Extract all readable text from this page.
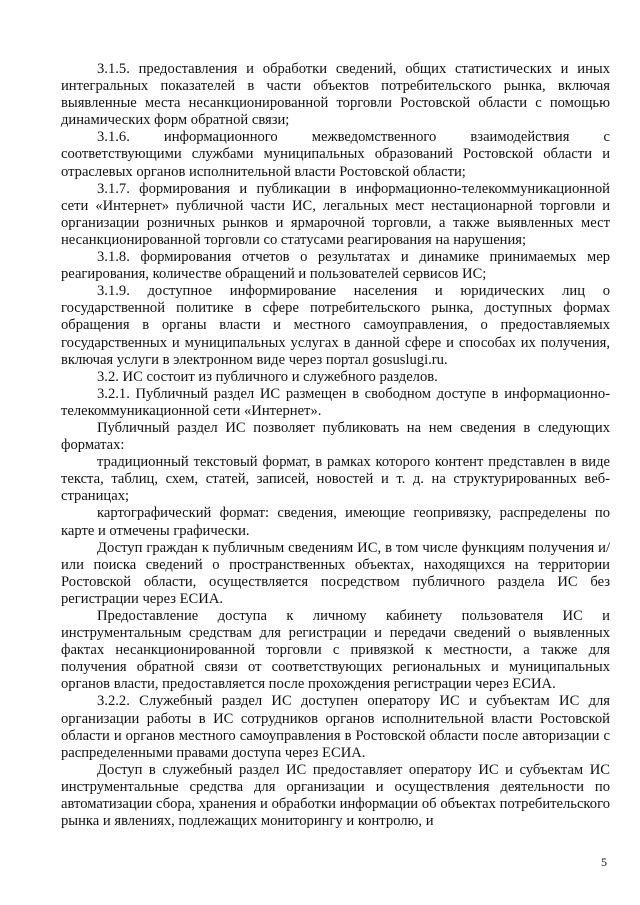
3.1.5. предоставления и обработки сведений, общих статистических и иных интегральных показателей в части объектов потребительского рынка, включая выявленные места несанкционированной торговли Ростовской области с помощью динамических форм обратной связи;

3.1.6. информационного межведомственного взаимодействия с соответствующими службами муниципальных образований Ростовской области и отраслевых органов исполнительной власти Ростовской области;

3.1.7. формирования и публикации в информационно-телекоммуникационной сети «Интернет» публичной части ИС, легальных мест нестационарной торговли и организации розничных рынков и ярмарочной торговли, а также выявленных мест несанкционированной торговли со статусами реагирования на нарушения;

3.1.8. формирования отчетов о результатах и динамике принимаемых мер реагирования, количестве обращений и пользователей сервисов ИС;

3.1.9. доступное информирование населения и юридических лиц о государственной политике в сфере потребительского рынка, доступных формах обращения в органы власти и местного самоуправления, о предоставляемых государственных и муниципальных услугах в данной сфере и способах их получения, включая услуги в электронном виде через портал gosuslugi.ru.

3.2. ИС состоит из публичного и служебного разделов.

3.2.1. Публичный раздел ИС размещен в свободном доступе в информационно-телекоммуникационной сети «Интернет».

Публичный раздел ИС позволяет публиковать на нем сведения в следующих форматах:

традиционный текстовый формат, в рамках которого контент представлен в виде текста, таблиц, схем, статей, записей, новостей и т. д. на структурированных веб-страницах;

картографический формат: сведения, имеющие геопривязку, распределены по карте и отмечены графически.

Доступ граждан к публичным сведениям ИС, в том числе функциям получения и/или поиска сведений о пространственных объектах, находящихся на территории Ростовской области, осуществляется посредством публичного раздела ИС без регистрации через ЕСИА.

Предоставление доступа к личному кабинету пользователя ИС и инструментальным средствам для регистрации и передачи сведений о выявленных фактах несанкционированной торговли с привязкой к местности, а также для получения обратной связи от соответствующих региональных и муниципальных органов власти, предоставляется после прохождения регистрации через ЕСИА.

3.2.2. Служебный раздел ИС доступен оператору ИС и субъектам ИС для организации работы в ИС сотрудников органов исполнительной власти Ростовской области и органов местного самоуправления в Ростовской области после авторизации с распределенными правами доступа через ЕСИА.

Доступ в служебный раздел ИС предоставляет оператору ИС и субъектам ИС инструментальные средства для организации и осуществления деятельности по автоматизации сбора, хранения и обработки информации об объектах потребительского рынка и явлениях, подлежащих мониторингу и контролю, и

5
